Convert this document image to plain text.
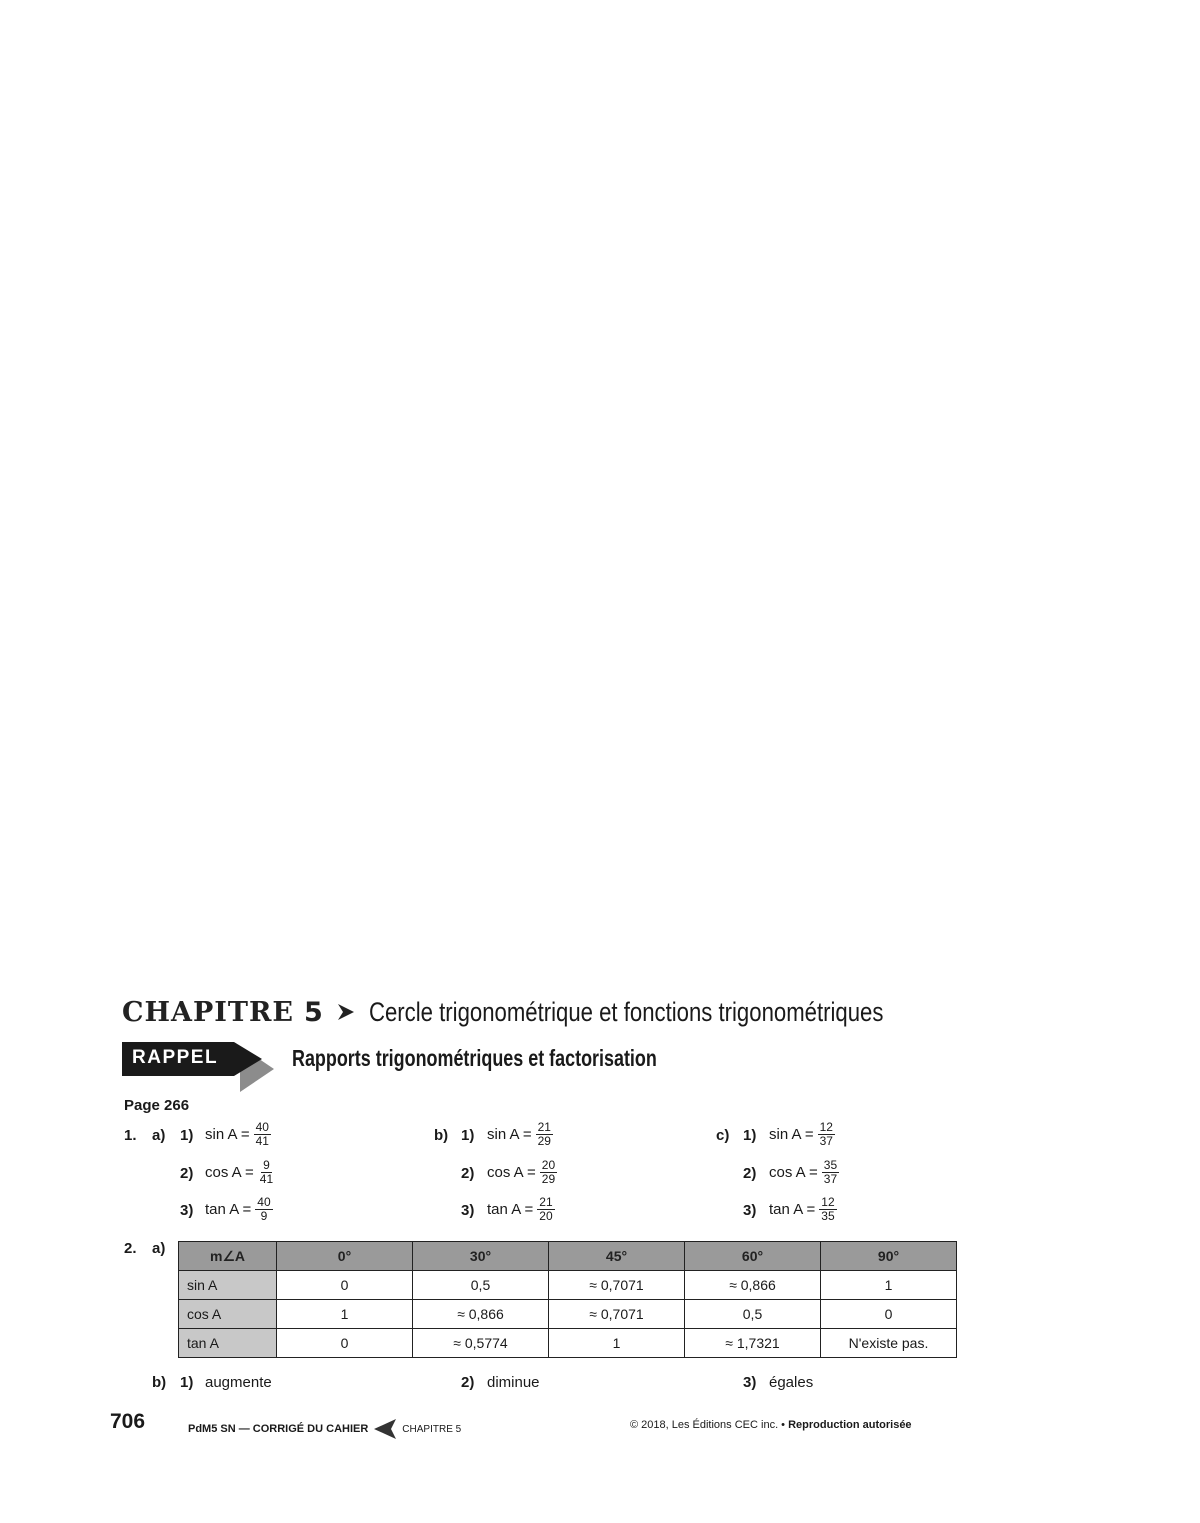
CHAPITRE 5 Cercle trigonométrique et fonctions trigonométriques
RAPPEL	Rapports trigonométriques et factorisation
Page 266
1. a) 1) $\sin A = \frac{40}{41}$
2) $\cos A = \frac{9}{41}$
3) $\tan A = \frac{40}{9}$
b) 1) $\sin A = \frac{21}{29}$
2) $\cos A = \frac{20}{29}$
3) $\tan A = \frac{21}{20}$
c) 1) $\sin A = \frac{12}{37}$
2) $\cos A = \frac{35}{37}$
3) $\tan A = \frac{12}{35}$
2. a)	m∠A	0°	30°	45°	60°	90°
sin A	0	0,5	≈ 0,7071	≈ 0,866	1
cos A	1	≈ 0,866	≈ 0,7071	0,5	0
tan A	0	≈ 0,5774	1	≈ 1,7321	N'existe pas.
b) 1) augmente	2) diminue	3) égales
706	PdM5 SN — CORRIGÉ DU CAHIER	CHAPITRE 5	© 2018, Les Éditions CEC inc. • Reproduction autorisée
